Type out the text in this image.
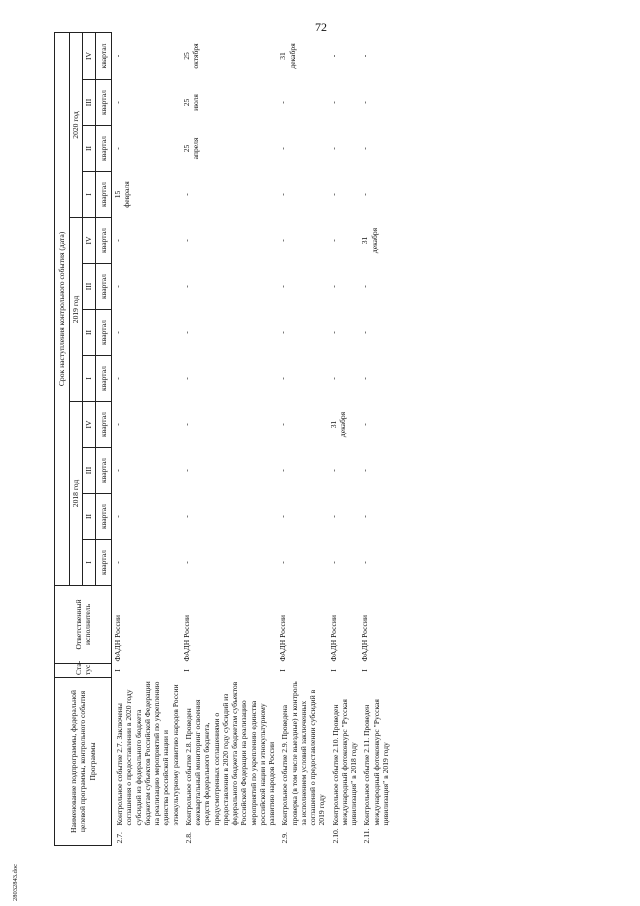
72
Наименование подпрограммы, федеральной целевой программы, контрольного события Программы		Ста- тус	Ответственный исполнитель	Срок наступления контрольного события (дата)											
				2018 год				2019 год				2020 год			
				I	II	III	IV	I	II	III	IV	I	II	III	IV
				квартал	квартал	квартал	квартал	квартал	квартал	квартал	квартал	квартал	квартал	квартал	квартал
2.7.	Контрольное событие 2.7. Заключены соглашения о предоставлении в 2020 году субсидий из федерального бюджета бюджетам субъектов Российской Федерации на реализацию мероприятий по укреплению единства российской нации и этнокультурному развитию народов России	I	ФАДН России	-	-	-	-	-	-	-	-	15 февраля	-	-	-

2.8.	Контрольное событие 2.8. Проведен ежеквартальный мониторинг освоения средств федерального бюджета, предусмотренных соглашениями о предоставлении в 2020 году субсидий из федерального бюджета бюджетам субъектов Российской Федерации на реализацию мероприятий по укреплению единства российской нации и этнокультурному развитию народов России	I	ФАДН России	-	-	-	-	-	-	-	-	-	25 апреля	25 июля	25 октября

2.9.	Контрольное событие 2.9. Проведена проверка (в том числе выездные) и контроль за исполнением условий заключенных соглашений о предоставлении субсидий в 2019 году	I	ФАДН России	-	-	-	-	-	-	-	-	-	-	-	31 декабря

2.10.	Контрольное событие 2.10. Проведен международный фотоконкурс "Русская цивилизация" в 2018 году	I	ФАДН России	-	-	-	31 декабря	-	-	-	-	-	-	-	-

2.11.	Контрольное событие 2.11. Проведен международный фотоконкурс "Русская цивилизация" в 2019 году	I	ФАДН России	-	-	-	-	-	-	-	31 декабря	-	-	-	-
28032843.doc
